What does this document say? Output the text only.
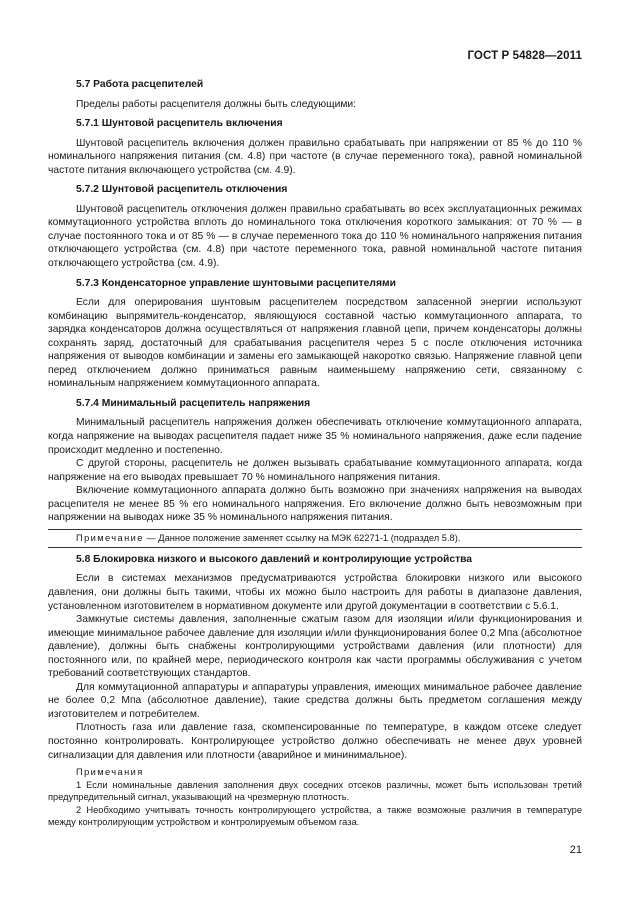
ГОСТ Р 54828—2011
5.7 Работа расцепителей

Пределы работы расцепителя должны быть следующими:

5.7.1 Шунтовой расцепитель включения

Шунтовой расцепитель включения должен правильно срабатывать при напряжении от 85 % до 110 % номинального напряжения питания (см. 4.8) при частоте (в случае переменного тока), равной номинальной частоте питания включающего устройства (см. 4.9).

5.7.2 Шунтовой расцепитель отключения

Шунтовой расцепитель отключения должен правильно срабатывать во всех эксплуатационных режимах коммутационного устройства вплоть до номинального тока отключения короткого замыкания: от 70 % — в случае постоянного тока и от 85 % — в случае переменного тока до 110 % номинального напряжения питания отключающего устройства (см. 4.8) при частоте переменного тока, равной номинальной частоте питания отключающего устройства (см. 4.9).

5.7.3 Конденсаторное управление шунтовыми расцепителями

Если для оперирования шунтовым расцепителем посредством запасенной энергии используют комбинацию выпрямитель-конденсатор, являющуюся составной частью коммутационного аппарата, то зарядка конденсаторов должна осуществляться от напряжения главной цепи, причем конденсаторы должны сохранять заряд, достаточный для срабатывания расцепителя через 5 с после отключения источника напряжения от выводов комбинации и замены его замыкающей накоротко связью. Напряжение главной цепи перед отключением должно приниматься равным наименьшему напряжению сети, связанному с номинальным напряжением коммутационного аппарата.

5.7.4 Минимальный расцепитель напряжения

Минимальный расцепитель напряжения должен обеспечивать отключение коммутационного аппарата, когда напряжение на выводах расцепителя падает ниже 35 % номинального напряжения, даже если падение происходит медленно и постепенно.

С другой стороны, расцепитель не должен вызывать срабатывание коммутационного аппарата, когда напряжение на его выводах превышает 70 % номинального напряжения питания.

Включение коммутационного аппарата должно быть возможно при значениях напряжения на выводах расцепителя не менее 85 % его номинального напряжения. Его включение должно быть невозможным при напряжении на выводах ниже 35 % номинального напряжения питания.

Примечание — Данное положение заменяет ссылку на МЭК 62271-1 (подраздел 5.8).
5.8 Блокировка низкого и высокого давлений и контролирующие устройства

Если в системах механизмов предусматриваются устройства блокировки низкого или высокого давления, они должны быть такими, чтобы их можно было настроить для работы в диапазоне давления, установленном изготовителем в нормативном документе или другой документации в соответствии с 5.6.1.

Замкнутые системы давления, заполненные сжатым газом для изоляции и/или функционирования и имеющие минимальное рабочее давление для изоляции и/или функционирования более 0,2 Мпа (абсолютное давление), должны быть снабжены контролирующими устройствами давления (или плотности) для постоянного или, по крайней мере, периодического контроля как части программы обслуживания с учетом требований соответствующих стандартов.

Для коммутационной аппаратуры и аппаратуры управления, имеющих минимальное рабочее давление не более 0,2 Мпа (абсолютное давление), такие средства должны быть предметом соглашения между изготовителем и потребителем.

Плотность газа или давление газа, скомпенсированные по температуре, в каждом отсеке следует постоянно контролировать. Контролирующее устройство должно обеспечивать не менее двух уровней сигнализации для давления или плотности (аварийное и мининимальное).

Примечания

1 Если номинальные давления заполнения двух соседних отсеков различны, может быть использован третий предупредительный сигнал, указывающий на чрезмерную плотность.

2 Необходимо учитывать точность контролирующего устройства, а также возможные различия в температуре между контролирующим устройством и контролируемым объемом газа.

21
